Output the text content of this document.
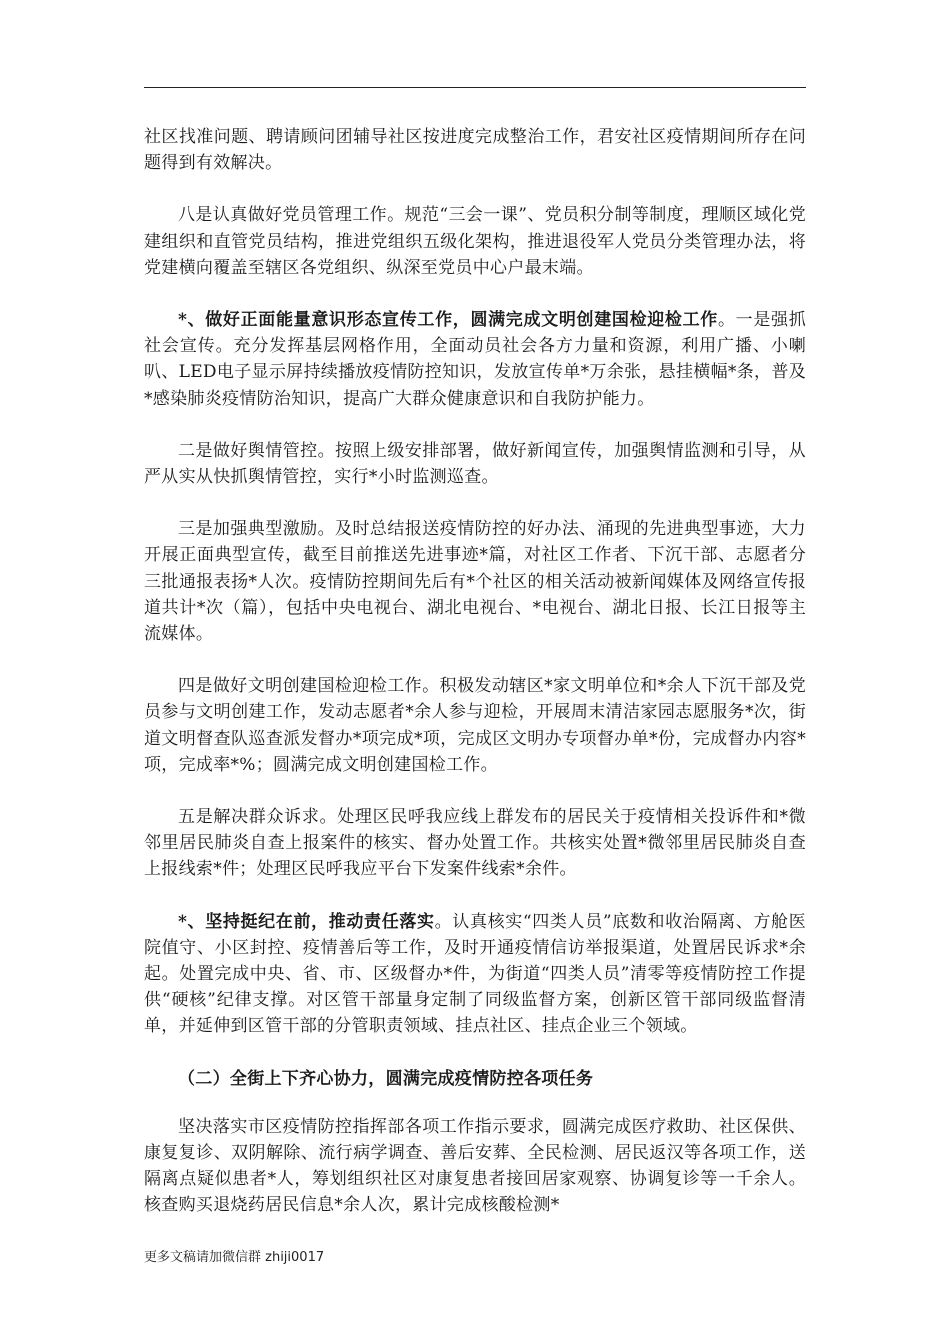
社区找准问题、聘请顾问团辅导社区按进度完成整治工作，君安社区疫情期间所存在问题得到有效解决。

八是认真做好党员管理工作。规范“三会一课”、党员积分制等制度，理顺区域化党建组织和直管党员结构，推进党组织五级化架构，推进退役军人党员分类管理办法，将党建横向覆盖至辖区各党组织、纵深至党员中心户最末端。

*、做好正面能量意识形态宣传工作，圆满完成文明创建国检迎检工作。一是强抓社会宣传。充分发挥基层网格作用，全面动员社会各方力量和资源，利用广播、小喇叭、LED电子显示屏持续播放疫情防控知识，发放宣传单*万余张，悬挂横幅*条，普及*感染肺炎疫情防治知识，提高广大群众健康意识和自我防护能力。

二是做好舆情管控。按照上级安排部署，做好新闻宣传，加强舆情监测和引导，从严从实从快抓舆情管控，实行*小时监测巡查。

三是加强典型激励。及时总结报送疫情防控的好办法、涌现的先进典型事迹，大力开展正面典型宣传，截至目前推送先进事迹*篇，对社区工作者、下沉干部、志愿者分三批通报表扬*人次。疫情防控期间先后有*个社区的相关活动被新闻媒体及网络宣传报道共计*次（篇），包括中央电视台、湖北电视台、*电视台、湖北日报、长江日报等主流媒体。

四是做好文明创建国检迎检工作。积极发动辖区*家文明单位和*余人下沉干部及党员参与文明创建工作，发动志愿者*余人参与迎检，开展周末清洁家园志愿服务*次，街道文明督查队巡查派发督办*项完成*项，完成区文明办专项督办单*份，完成督办内容*项，完成率*%；圆满完成文明创建国检工作。

五是解决群众诉求。处理区民呼我应线上群发布的居民关于疫情相关投诉件和*微邻里居民肺炎自查上报案件的核实、督办处置工作。共核实处置*微邻里居民肺炎自查上报线索*件；处理区民呼我应平台下发案件线索*余件。

*、坚持挺纪在前，推动责任落实。认真核实“四类人员”底数和收治隔离、方舱医院值守、小区封控、疫情善后等工作，及时开通疫情信访举报渠道，处置居民诉求*余起。处置完成中央、省、市、区级督办*件，为街道“四类人员”清零等疫情防控工作提供“硬核”纪律支撑。对区管干部量身定制了同级监督方案，创新区管干部同级监督清单，并延伸到区管干部的分管职责领域、挂点社区、挂点企业三个领域。

（二）全街上下齐心协力，圆满完成疫情防控各项任务

坚决落实市区疫情防控指挥部各项工作指示要求，圆满完成医疗救助、社区保供、康复复诊、双阴解除、流行病学调查、善后安葬、全民检测、居民返汉等各项工作，送隔离点疑似患者*人，筹划组织社区对康复患者接回居家观察、协调复诊等一千余人。核查购买退烧药居民信息*余人次，累计完成核酸检测*

更多文稿请加微信群 zhiji0017
